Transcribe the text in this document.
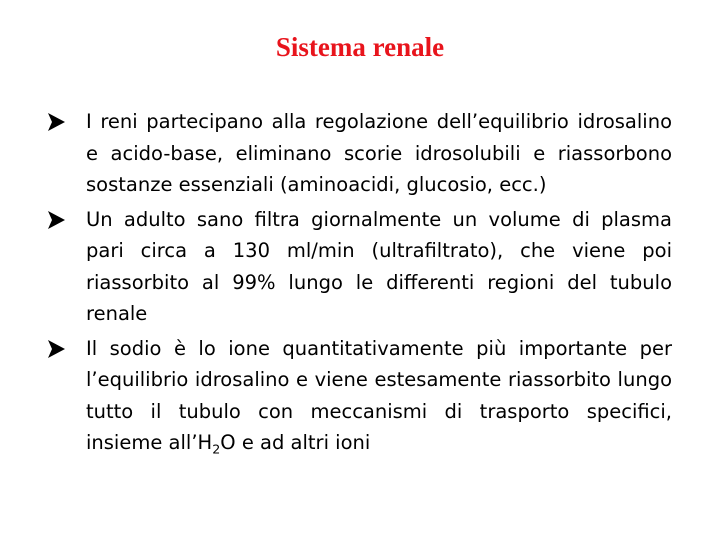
Sistema renale
I reni partecipano alla regolazione dell’equilibrio idrosalino e acido-base, eliminano scorie idrosolubili e riassorbono sostanze essenziali (aminoacidi, glucosio, ecc.)
Un adulto sano filtra giornalmente un volume di plasma pari circa a 130 ml/min (ultrafiltrato), che viene poi riassorbito al 99% lungo le differenti regioni del tubulo renale
Il sodio è lo ione quantitativamente più importante per l’equilibrio idrosalino e viene estesamente riassorbito lungo tutto il tubulo con meccanismi di trasporto specifici, insieme $all’H_2O$ e ad altri ioni
